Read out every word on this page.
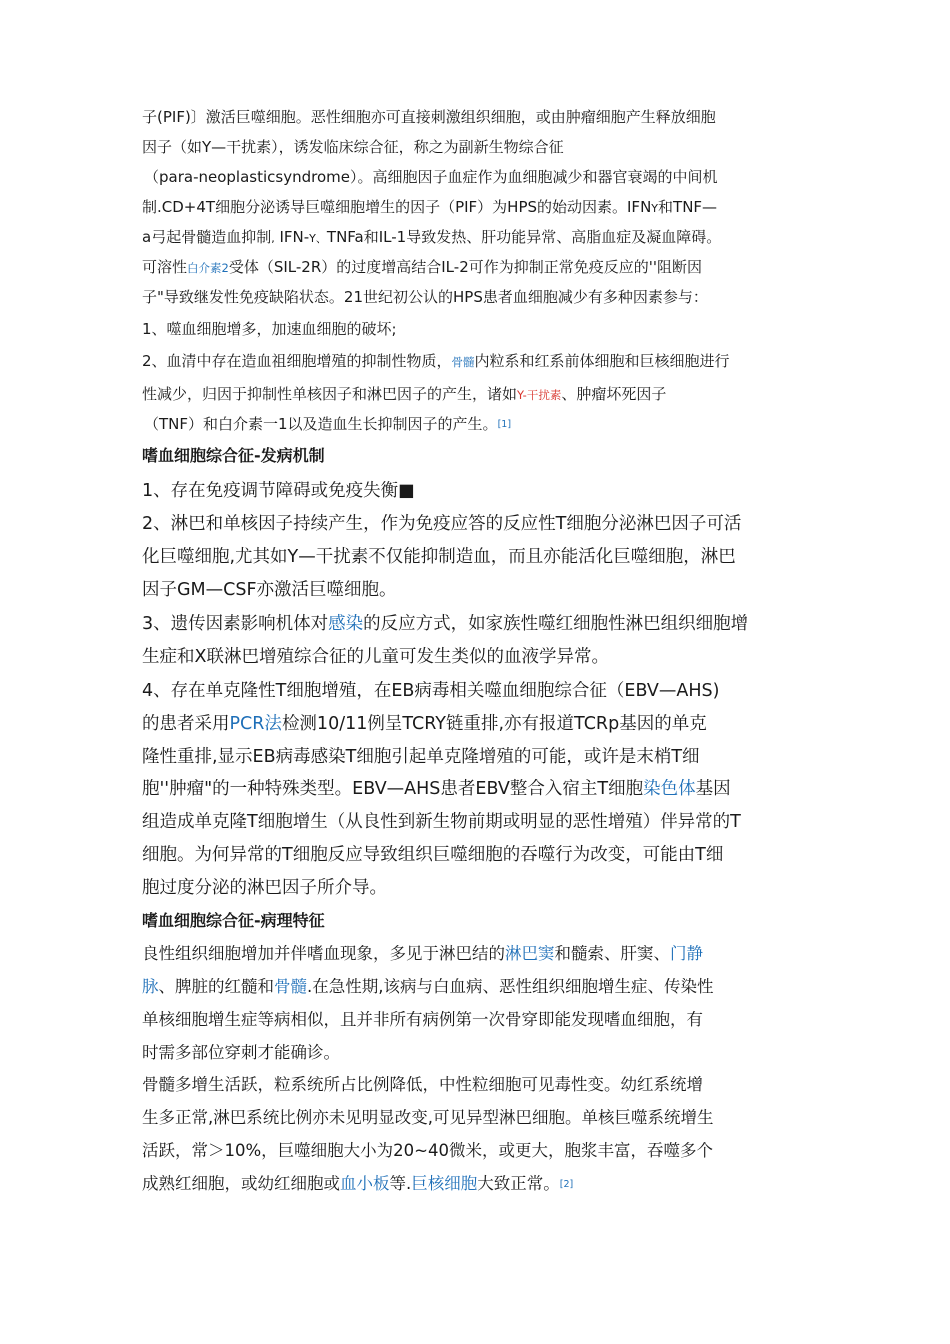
子(PIF)〕激活巨噬细胞。恶性细胞亦可直接刺激组织细胞，或由肿瘤细胞产生释放细胞
因子（如Y—干扰素），诱发临床综合征，称之为副新生物综合征
（para-neoplasticsyndrome）。高细胞因子血症作为血细胞减少和器官衰竭的中间机
制.CD+4T细胞分泌诱导巨噬细胞增生的因子（PIF）为HPS的始动因素。IFNY和TNF—
a弓起骨髓造血抑制, IFN-Y、TNFa和IL-1导致发热、肝功能异常、高脂血症及凝血障碍。
可溶性白介素2受体（SIL-2R）的过度增高结合IL-2可作为抑制正常免疫反应的''阻断因
子"导致继发性免疫缺陷状态。21世纪初公认的HPS患者血细胞减少有多种因素参与：
1、噬血细胞增多，加速血细胞的破坏;
2、血清中存在造血祖细胞增殖的抑制性物质，骨髓内粒系和红系前体细胞和巨核细胞进行
性减少，归因于抑制性单核因子和淋巴因子的产生，诸如Y-干扰素、肿瘤坏死因子
（TNF）和白介素一1以及造血生长抑制因子的产生。[1]
嗜血细胞综合征-发病机制
1、存在免疫调节障碍或免疫失衡■
2、淋巴和单核因子持续产生，作为免疫应答的反应性T细胞分泌淋巴因子可活
化巨噬细胞,尤其如Y—干扰素不仅能抑制造血，而且亦能活化巨噬细胞，淋巴
因子GM—CSF亦激活巨噬细胞。
3、遗传因素影响机体对感染的反应方式，如家族性噬红细胞性淋巴组织细胞增
生症和X联淋巴增殖综合征的儿童可发生类似的血液学异常。
4、存在单克隆性T细胞增殖，在EB病毒相关噬血细胞综合征（EBV—AHS)
的患者采用PCR法检测10/11例呈TCRY链重排,亦有报道TCRp基因的单克
隆性重排,显示EB病毒感染T细胞引起单克隆增殖的可能，或许是末梢T细
胞''肿瘤"的一种特殊类型。EBV—AHS患者EBV整合入宿主T细胞染色体基因
组造成单克隆T细胞增生（从良性到新生物前期或明显的恶性增殖）伴异常的T
细胞。为何异常的T细胞反应导致组织巨噬细胞的吞噬行为改变，可能由T细
胞过度分泌的淋巴因子所介导。
嗜血细胞综合征-病理特征
良性组织细胞增加并伴嗜血现象，多见于淋巴结的淋巴窦和髓索、肝窦、门静
脉、脾脏的红髓和骨髓.在急性期,该病与白血病、恶性组织细胞增生症、传染性
单核细胞增生症等病相似，且并非所有病例第一次骨穿即能发现嗜血细胞，有
时需多部位穿刺才能确诊。
骨髓多增生活跃，粒系统所占比例降低，中性粒细胞可见毒性变。幼红系统增
生多正常,淋巴系统比例亦未见明显改变,可见异型淋巴细胞。单核巨噬系统增生
活跃，常＞10%，巨噬细胞大小为20~40微米，或更大，胞浆丰富，吞噬多个
成熟红细胞，或幼红细胞或血小板等.巨核细胞大致正常。[2]
